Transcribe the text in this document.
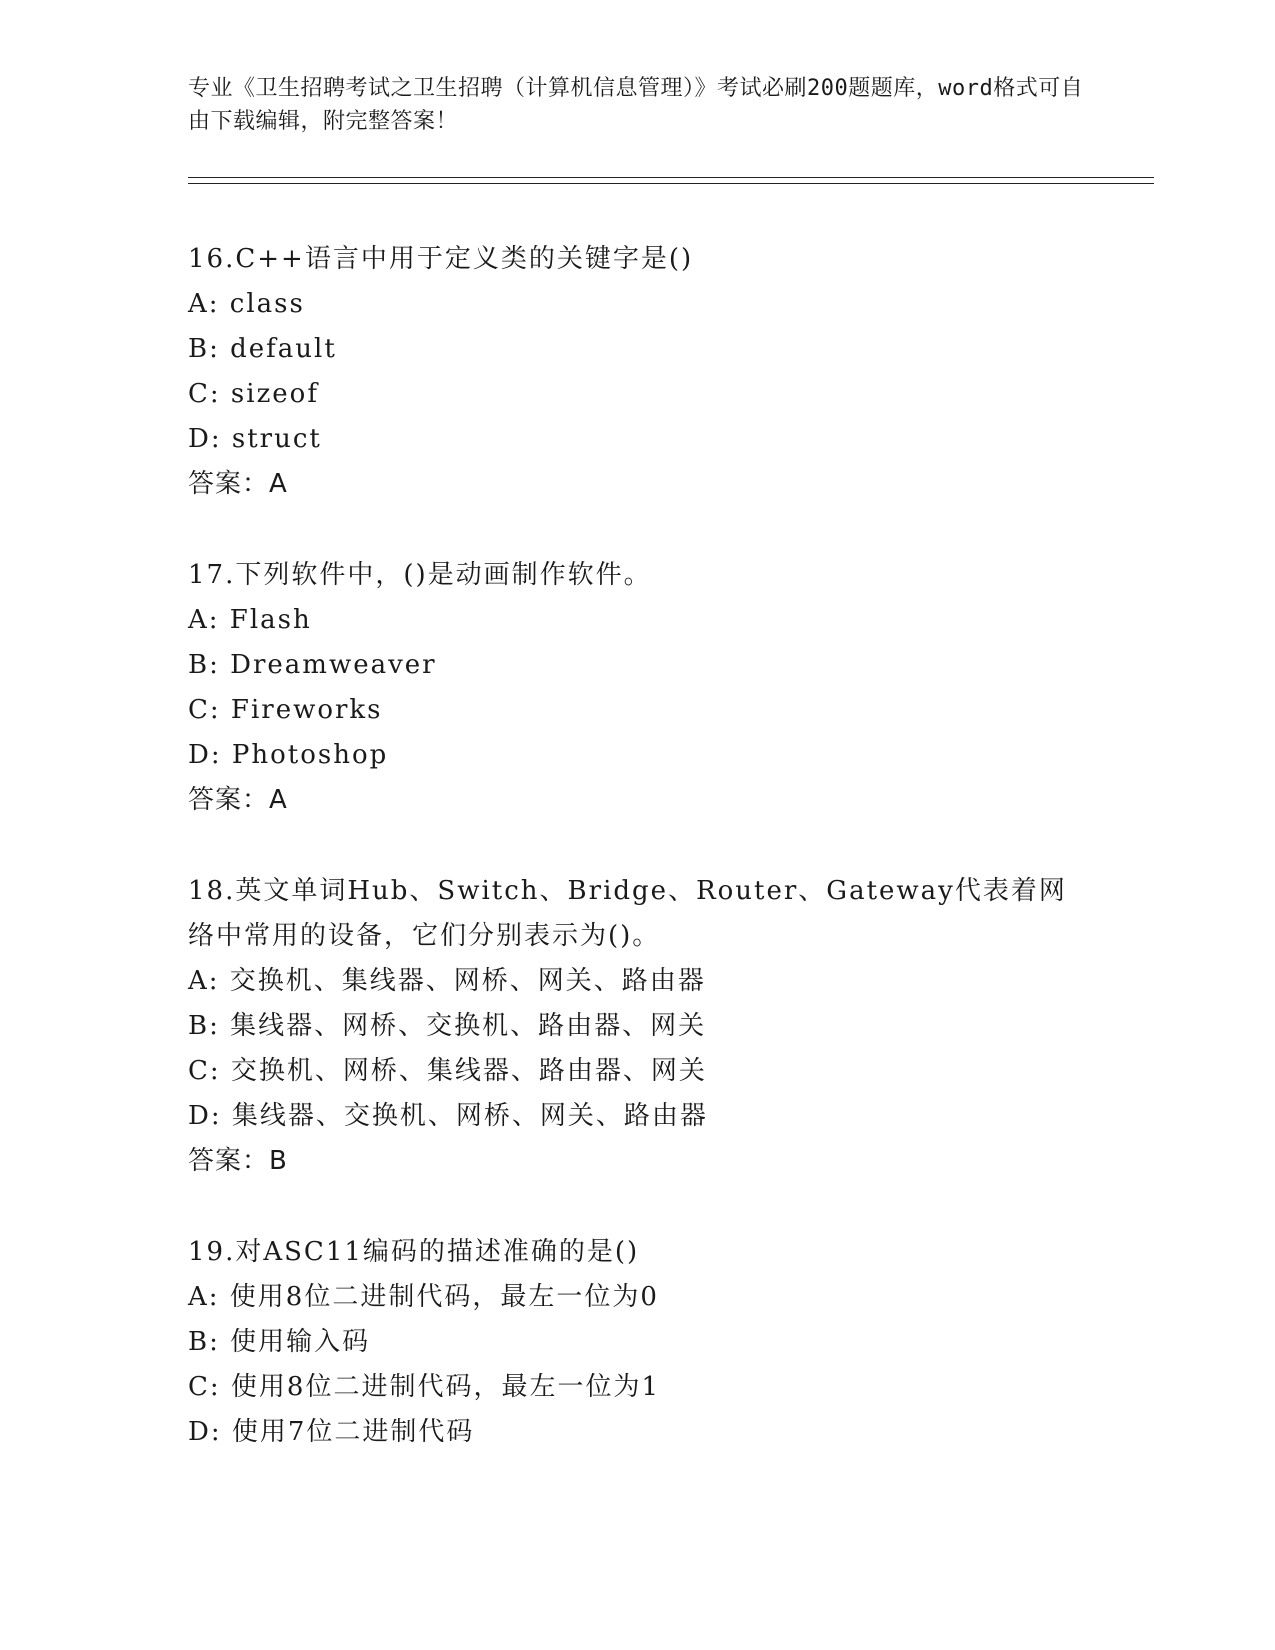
专业《卫生招聘考试之卫生招聘（计算机信息管理）》考试必刷200题题库，word格式可自由下载编辑，附完整答案！
16.C++语言中用于定义类的关键字是()
A: class
B: default
C: sizeof
D: struct
答案：A
17.下列软件中，()是动画制作软件。
A: Flash
B: Dreamweaver
C: Fireworks
D: Photoshop
答案：A
18.英文单词Hub、Switch、Bridge、Router、Gateway代表着网络中常用的设备，它们分别表示为()。
A: 交换机、集线器、网桥、网关、路由器
B: 集线器、网桥、交换机、路由器、网关
C: 交换机、网桥、集线器、路由器、网关
D: 集线器、交换机、网桥、网关、路由器
答案：B
19.对ASC11编码的描述准确的是()
A: 使用8位二进制代码，最左一位为0
B: 使用输入码
C: 使用8位二进制代码，最左一位为1
D: 使用7位二进制代码
